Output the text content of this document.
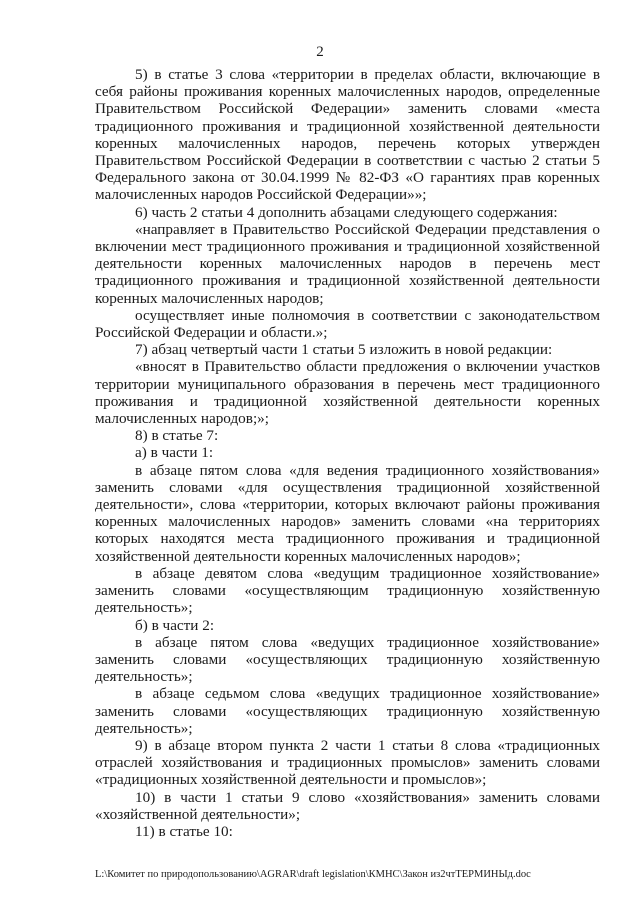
2

5) в статье 3 слова «территории в пределах области, включающие в себя районы проживания коренных малочисленных народов, определенные Правительством Российской Федерации» заменить словами «места традиционного проживания и традиционной хозяйственной деятельности коренных малочисленных народов, перечень которых утвержден Правительством Российской Федерации в соответствии с частью 2 статьи 5 Федерального закона от 30.04.1999 № 82-ФЗ «О гарантиях прав коренных малочисленных народов Российской Федерации»»;

6) часть 2 статьи 4 дополнить абзацами следующего содержания:

«направляет в Правительство Российской Федерации представления о включении мест традиционного проживания и традиционной хозяйственной деятельности коренных малочисленных народов в перечень мест традиционного проживания и традиционной хозяйственной деятельности коренных малочисленных народов;

осуществляет иные полномочия в соответствии с законодательством Российской Федерации и области.»;

7) абзац четвертый части 1 статьи 5 изложить в новой редакции:

«вносят в Правительство области предложения о включении участков территории муниципального образования в перечень мест традиционного проживания и традиционной хозяйственной деятельности коренных малочисленных народов;»;

8) в статье 7:

а) в части 1:

в абзаце пятом слова «для ведения традиционного хозяйствования» заменить словами «для осуществления традиционной хозяйственной деятельности», слова «территории, которых включают районы проживания коренных малочисленных народов» заменить словами «на территориях которых находятся места традиционного проживания и традиционной хозяйственной деятельности коренных малочисленных народов»;

в абзаце девятом слова «ведущим традиционное хозяйствование» заменить словами «осуществляющим традиционную хозяйственную деятельность»;

б) в части 2:

в абзаце пятом слова «ведущих традиционное хозяйствование» заменить словами «осуществляющих традиционную хозяйственную деятельность»;

в абзаце седьмом слова «ведущих традиционное хозяйствование» заменить словами «осуществляющих традиционную хозяйственную деятельность»;

9) в абзаце втором пункта 2 части 1 статьи 8 слова «традиционных отраслей хозяйствования и традиционных промыслов» заменить словами «традиционных хозяйственной деятельности и промыслов»;

10) в части 1 статьи 9 слово «хозяйствования» заменить словами «хозяйственной деятельности»;

11) в статье 10:

L:\Комитет по природопользованию\AGRAR\draft legislation\КМНС\Закон из2чтТЕРМИНЫд.doc
